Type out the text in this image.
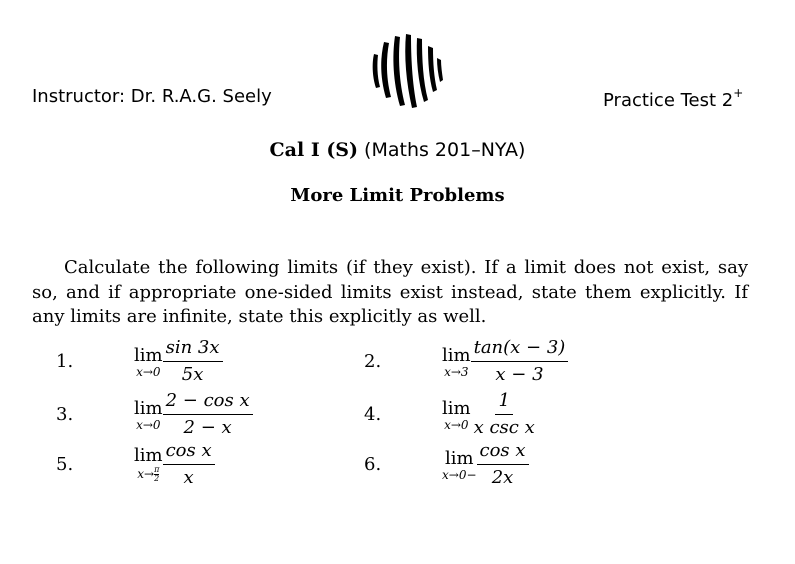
Instructor: Dr. R.A.G. Seely	Practice Test 2+
Cal I (S) (Maths 201–NYA)
More Limit Problems
Calculate the following limits (if they exist). If a limit does not exist, say so, and if appropriate one-sided limits exist instead, state them explicitly. If any limits are infinite, state this explicitly as well.
1.	lim
$x\to 0 \frac{\sin 3x}{5x}$	2.	lim
$x\to 3 \frac{\tan(x - 3)}{x - 3}$
3.	lim
$x\to 0 \frac{\text{2 − cos x}}{2 - x}$	4.	lim
$x\to 0 \frac{1}{\text{x csc x}}$
5.	lim
$x\to \frac{\pi}{2} \frac{\text{cos x}}{x}$	6.	lim
$x\to 0- \frac{\text{cos x}}{2x}$
